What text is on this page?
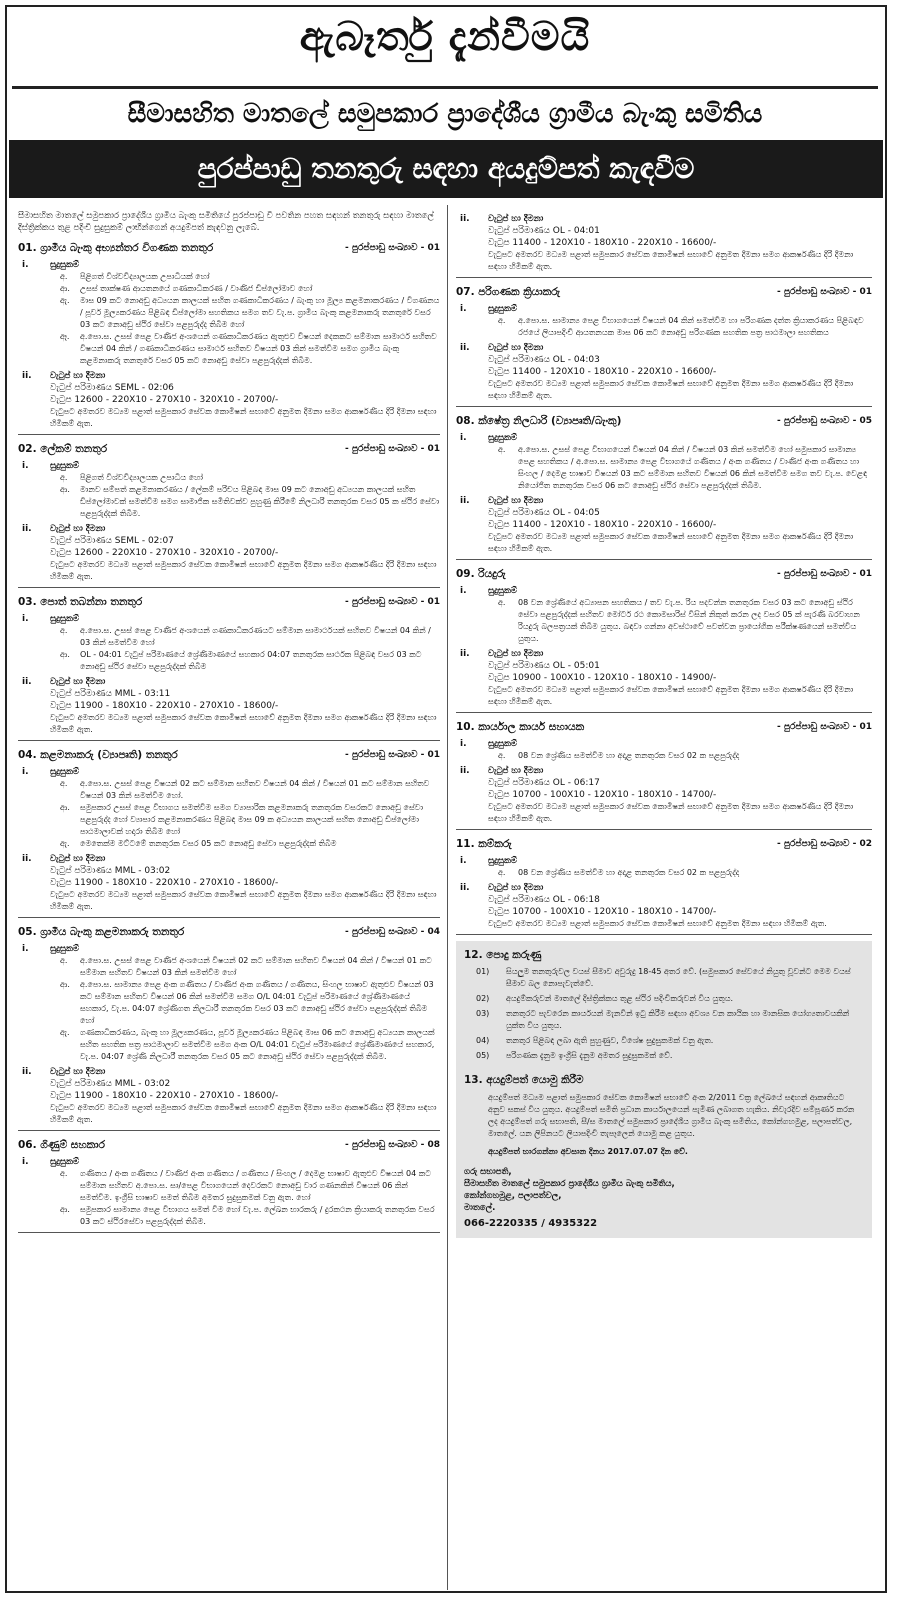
ඇබෑර්තු දැන්වීමයි
සීමාසහිත මාතලේ සමුපකාර ප්‍රාදේශීය ග්‍රාමීය බැංකු සමිතිය
පුරප්පාඩු තනතුරු සඳහා අයදුම්පත් කැඳවීම

සීමාසහිත මාතලේ සමුපකාර ප්‍රාදේශීය ග්‍රාමීය බැංකු සමිතියේ පුරප්පාඩු වී පවතින පහත සඳහන් තනතුරු සඳහා මාතලේ දිස්ත්‍රික්කය තුළ පදිංචි සුදුසුකම් ලාභීන්ගෙන් අයදුම්පත් කැඳවනු ලැබේ.

01. ග්‍රාමීය බැංකු අභ්‍යන්තර විගණක තනතුර	- පුරප්පාඩු සංඛ්‍යාව - 01
i.	සුදුසුකම්
අ.	පිළිගත් විශ්වවිද්‍යාලයක උපාධියක් හෝ
ආ.	උසස් තාක්ෂණ ආයතනයේ ගණකාධිකරණ / වාණිජ ඩිප්ලෝමාව හෝ
ඇ.	මාස 09 කට නොඅඩු අධ්‍යයන කාලයක් සහිත ගණකාධිකරණය / බැංකු හා මූල්‍ය කළමනාකරණය / විගණනය / පූර්ව මූල්‍යකරණය පිළිබඳ ඩිප්ලෝමා සහතිකය සමග තව වැ.ප. ග්‍රාමීය බැංකු කළමනාකරු තනතුරේ වසර 03 කට නොඅඩු ස්ථිර සේවා පළපුරුද්ද තිබීම හෝ
ඈ.	අ.පො.ස. උසස් පෙළ වාණිජ අංශයෙන් ගණකාධිකරණය ඇතුළුව විෂයන් දෙකකට සම්මාන සාමාර්ථ සහිතව විෂයන් 04 කින් / ගණකාධිකරණය සාමාර්ථ සහිතව විෂයන් 03 කින් සමත්වීම සමග ග්‍රාමීය බැංකු කළමනාකරු තනතුරේ වසර 05 කට නොඅඩු සේවා පළපුරුද්දක් තිබීම.
ii.	වැටුප් හා දීමනා
වැටුප් පරිමාණය SEML - 02:06
වැටුප 12600 - 220X10 - 270X10 - 320X10 - 20700/-
වැටුපට අමතරව මධ්‍යම පළාත් සමුපකාර සේවක කොමිෂන් සභාවේ අනුමත දීමනා සමග ආකර්ෂණීය දිරි දීමනා සඳහා හිමිකම් ඇත.
02. ලේකම් තනතුර	- පුරප්පාඩු සංඛ්‍යාව - 01
i.	සුදුසුකම්
අ.	පිළිගත් විශ්වවිද්‍යාලයක උපාධිය හෝ
ආ.	මානව සම්පත් කළමනාකරණය / ලේකම් පරිචය පිළිබඳ මාස 09 කට නොඅඩු අධ්‍යයන කාලයක් සහිත ඩිප්ලෝමාවක් සමත්වීම සමග සාමාජික සමිතිවක්ව පුහුණු කිරීමේ නිලධාරි තනතුරක වසර 05 ක ස්ථිර සේවා පළපුරුද්දක් තිබීම.
ii.	වැටුප් හා දීමනා
වැටුප් පරිමාණය SEML - 02:07
වැටුප 12600 - 220X10 - 270X10 - 320X10 - 20700/-
වැටුපට අමතරව මධ්‍යම පළාත් සමුපකාර සේවක කොමිෂන් සභාවේ අනුමත දීමනා සමග ආකර්ෂණීය දිරි දීමනා සඳහා හිමිකම් ඇත.
03. පොත් තබන්නා තනතුර	- පුරප්පාඩු සංඛ්‍යාව - 01
i.	සුදුසුකම්
අ.	අ.පො.ස. උසස් පෙළ වාණිජ අංශයෙන් ගණකාධිකරණයට සම්මාන සාමාර්ථයක් සහිතව විෂයන් 04 කින් / 03 කින් සමත්වීම හෝ
ආ.	OL - 04:01 වැටුප් පරිමාණයේ ශ්‍රේණිමාණයේ සහකාර 04:07 තනතුරක සාර්ථක පිළිබඳ වසර 03 කට නොඅඩු ස්ථිර සේවා පළපුරුද්දක් තිබීම
ii.	වැටුප් හා දීමනා
වැටුප් පරිමාණය MML - 03:11
වැටුප 11900 - 180X10 - 220X10 - 270X10 - 18600/-
වැටුපට අමතරව මධ්‍යම පළාත් සමුපකාර සේවක කොමිෂන් සභාවේ අනුමත දීමනා සමග ආකර්ෂණීය දිරි දීමනා සඳහා හිමිකම් ඇත.
04. කළමනාකරු (ව්‍යාපෘති) තනතුර	- පුරප්පාඩු සංඛ්‍යාව - 01
i.	සුදුසුකම්
අ.	අ.පො.ස. උසස් පෙළ විෂයන් 02 කට සම්මාන සහිතව විෂයන් 04 කින් / විෂයන් 01 කට සම්මාන සහිතව විෂයන් 03 කින් සමත්වීම හෝ.
ආ.	සමුපකාර උසස් පෙළ විභාගය සමත්වීම සමග ව්‍යාපාරික කළමනාකරු තනතුරක වසරකට නොඅඩු සේවා පළපුරුද්ද හෝ ව්‍යාපාර කළමනාකරණය පිළිබඳ මාස 09 ක අධ්‍යයන කාලයක් සහිත නොඅඩු ඩිප්ලෝමා පාඨමාලාවක් හදාරා තිබීම හෝ
ඇ.	මෙතෙක්ම මට්ටමේ තනතුරක වසර 05 කට නොඅඩු සේවා පළපුරුද්දක් තිබීම
ii.	වැටුප් හා දීමනා
වැටුප් පරිමාණය MML - 03:02
වැටුප 11900 - 180X10 - 220X10 - 270X10 - 18600/-
වැටුපට අමතරව මධ්‍යම පළාත් සමුපකාර සේවක කොමිෂන් සභාවේ අනුමත දීමනා සමග ආකර්ෂණීය දිරි දීමනා සඳහා හිමිකම් ඇත.
05. ග්‍රාමීය බැංකු කළමනාකරු තනතුර	- පුරප්පාඩු සංඛ්‍යාව - 04
i.	සුදුසුකම්
අ.	අ.පො.ස. උසස් පෙළ වාණිජ අංශයෙන් විෂයන් 02 කට සම්මාන සහිතව විෂයන් 04 කින් / විෂයන් 01 කට සම්මාන සහිතව විෂයන් 03 කින් සමත්වීම හෝ
ආ.	අ.පො.ස. සාමාන්‍ය පෙළ අංක ගණිතය / වාණිජ අංක ගණිතය / ගණිතය, සිංහල භාෂාව ඇතුළුව විෂයන් 03 කට සම්මාන සහිතව විෂයන් 06 කින් සමත්වීම සමග O/L 04:01 වැටුප් පරිමාණයේ ශ්‍රේණිමාණයේ සහකාර, වැ.ප. 04:07 ශ්‍රේණිගත නිලධාරී තනතුරක වසර 03 කට නොඅඩු ස්ථිර සේවා පළපුරුද්දක් තිබීම හෝ
ඇ.	ගණකාධිකරණය, බැංකු හා මූල්‍යකරණය, පූර්ව මූල්‍යකරණය පිළිබඳ මාස 06 කට නොඅඩු අධ්‍යයන කාලයක් සහිත සහතික පත්‍ර පාඨමාලාව සමත්වීම සමග අංක O/L 04:01 වැටුප් පරිමාණයේ ශ්‍රේණිමාණයේ සහකාර, වැ.ප. 04:07 ශ්‍රේණි නිලධාරී තනතුරක වසර 05 කට නොඅඩු ස්ථිර සේවා පළපුරුද්දක් තිබීම.
ii.	වැටුප් හා දීමනා
වැටුප් පරිමාණය MML - 03:02
වැටුප 11900 - 180X10 - 220X10 - 270X10 - 18600/-
වැටුපට අමතරව මධ්‍යම පළාත් සමුපකාර සේවක කොමිෂන් සභාවේ අනුමත දීමනා සමග ආකර්ෂණීය දිරි දීමනා සඳහා හිමිකම් ඇත.
06. ගිණුම් සහකාර	- පුරප්පාඩු සංඛ්‍යාව - 08
i.	සුදුසුකම්
අ.	ගණිතය / අංක ගණිතය / වාණිජ අංක ගණිතය / ගණිතය / සිංහල / දෙමළ භාෂාව ඇතුළුව විෂයන් 04 කට සම්මාන සහිතව අ.පො.ස. සා/පෙළ විභාගයෙන් දෙවරකට නොඅඩු වාර ගණනකින් විෂයන් 06 කින් සමත්වීම. ඉංග්‍රීසි භාෂාව සමත් තිබීම අමතර සුදුසුකමක් වනු ඇත. හෝ
ආ.	සමුපකාර සාමාන්‍ය පෙළ විභාගය සමත් වීම හෝ වැ.ප. ලේඛන භාරකරු / දුරකථන ක්‍රියාකරු තනතුරක වසර 03 කට ස්ථිරසේවා පළපුරුද්දක් තිබීම.
ii.	වැටුප් හා දීමනා
වැටුප් පරිමාණය OL - 04:01
වැටුප 11400 - 120X10 - 180X10 - 220X10 - 16600/-
වැටුපට අමතරව මධ්‍යම පළාත් සමුපකාර සේවක කොමිෂන් සභාවේ අනුමත දීමනා සමග ආකර්ෂණීය දිරි දීමනා සඳහා හිමිකම් ඇත.
07. පරිගණක ක්‍රියාකරු	- පුරප්පාඩු සංඛ්‍යාව - 01
i.	සුදුසුකම්
අ.	අ.පො.ස. සාමාන්‍ය පෙළ විභාගයෙන් විෂයන් 04 කින් සමත්වීම හා පරිගණක දත්ත ක්‍රියාකරණය පිළිබඳව රජයේ ලියාපදිංචි ආයතනයක මාස 06 කට නොඅඩු පරිගණක සහතික පත්‍ර පාඨමාලා සහතිකය
ii.	වැටුප් හා දීමනා
වැටුප් පරිමාණය OL - 04:03
වැටුප 11400 - 120X10 - 180X10 - 220X10 - 16600/-
වැටුපට අමතරව මධ්‍යම පළාත් සමුපකාර සේවක කොමිෂන් සභාවේ අනුමත දීමනා සමග ආකර්ෂණීය දිරි දීමනා සඳහා හිමිකම් ඇත.
08. ක්ෂේත්‍ර නිලධාරි (ව්‍යාපෘති/බැංකු)	- පුරප්පාඩු සංඛ්‍යාව - 05
i.	සුදුසුකම්
අ.	අ.පො.ස. උසස් පෙළ විභාගයෙන් විෂයන් 04 කින් / විෂයන් 03 කින් සමත්වීම හෝ සමුපකාර සාමාන්‍ය පෙළ සහතිකය / අ.පො.ස. සාමාන්‍ය පෙළ විභාගයේ ගණිතය / අංක ගණිතය / වාණිජ අංක ගණිතය හා සිංහල / දෙමළ භාෂාව විෂයන් 03 කට සම්මාන සහිතව විෂයන් 06 කින් සමත්වීම සමග තව වැ.ප. වෙළඳ නියෝජිත තනතුරක වසර 06 කට නොඅඩු ස්ථිර සේවා පළපුරුද්දක් තිබීම.
ii.	වැටුප් හා දීමනා
වැටුප් පරිමාණය OL - 04:05
වැටුප 11400 - 120X10 - 180X10 - 220X10 - 16600/-
වැටුපට අමතරව මධ්‍යම පළාත් සමුපකාර සේවක කොමිෂන් සභාවේ අනුමත දීමනා සමග ආකර්ෂණීය දිරි දීමනා සඳහා හිමිකම් ඇත.
09. රියදුරු	- පුරප්පාඩු සංඛ්‍යාව - 01
i.	සුදුසුකම්
අ.	08 වන ශ්‍රේණියේ අධ්‍යාපන සහතිකය / තව වැ.ප. රිය පදවන්න තනතුරක වසර 03 කට නොඅඩු ස්ථිර සේවා පළපුරුද්දක් සහිතව මෝටර් රථ කොමසාරිස් විසින් නිකුත් කරන ලද වසර 05 ක් පැරණි බරවාහන රියදුරු බලපත්‍රයක් තිබීම යුතුය. බඳවා ගන්නා අවස්ථාවේ පවත්වන ප්‍රායෝගික පරීක්ෂණයෙන් සමත්විය යුතුය.
ii.	වැටුප් හා දීමනා
වැටුප් පරිමාණය OL - 05:01
වැටුප 10900 - 100X10 - 120X10 - 180X10 - 14900/-
වැටුපට අමතරව මධ්‍යම පළාත් සමුපකාර සේවක කොමිෂන් සභාවේ අනුමත දීමනා සමග ආකර්ෂණීය දිරි දීමනා සඳහා හිමිකම් ඇත.
10. කාර්යාල කාර්ය සහායක	- පුරප්පාඩු සංඛ්‍යාව - 01
i.	සුදුසුකම්
අ.	08 වන ශ්‍රේණිය සමත්වීම හා අදාළ තනතුරක වසර 02 ක පළපුරුද්ද
ii.	වැටුප් හා දීමනා
වැටුප් පරිමාණය OL - 06:17
වැටුප 10700 - 100X10 - 120X10 - 180X10 - 14700/-
වැටුපට අමතරව මධ්‍යම පළාත් සමුපකාර සේවක කොමිෂන් සභාවේ අනුමත දීමනා සමග ආකර්ෂණීය දිරි දීමනා සඳහා හිමිකම් ඇත.
11. කම්කරු	- පුරප්පාඩු සංඛ්‍යාව - 02
i.	සුදුසුකම්
අ.	08 වන ශ්‍රේණිය සමත්වීම හා අදාළ තනතුරක වසර 02 ක පළපුරුද්ද
ii.	වැටුප් හා දීමනා
වැටුප් පරිමාණය OL - 06:18
වැටුප 10700 - 100X10 - 120X10 - 180X10 - 14700/-
වැටුපට අමතරව මධ්‍යම පළාත් සමුපකාර සේවක කොමිෂන් සභාවේ අනුමත දීමනා සඳහා හිමිකම් ඇත.
12. පොදු කරුණු
01)	සියලුම තනතුරුවල වයස් සීමාව අවුරුදු 18-45 අතර වේ. (සමුපකාර සේවයේ නියුතු වූවන්ට මෙම වයස් සීමාව බල නොපැවැත්වේ.
02)	අයදුම්කරුවන් මාතලේ දිස්ත්‍රික්කය තුළ ස්ථිර පදිංචිකරුවන් විය යුතුය.
03)	තනතුරට පැවරෙන කාර්යයන් මැනවින් ඉටු කිරීම සඳහා අවශ්‍ය වන කායික හා මානසික යෝග්‍යතාවයකින් යුක්ත විය යුතුය.
04)	තනතුර පිළිබඳ ලබා ඇති පුහුණුව, විශේෂ සුදුසුකමක් වනු ඇත.
05)	පරිගණක දැනුම ඉංග්‍රීසි දැනුම අමතර සුදුසුකමක් වේ.
13. අයදුම්පත් යොමු කිරීම
අයදුම්පත් මධ්‍යම පළාත් සමුපකාර සේවක කොමිෂන් සභාවේ අංක 2/2011 චක්‍ර ලේඛයේ සඳහන් ආකෘතියට අනුව සකස් විය යුතුය. අයදුම්පත් සමිති ප්‍රධාන කාර්යාලයෙන් පැමිණ ලබාගත හැකිය. නිවැරදිව සම්පූර්ණ කරන ලද අයදුම්පත් ගරු සභාපති, සී/ස මාතලේ සමුපකාර ප්‍රාදේශීය ග්‍රාමීය බැංකු සමිතිය, කෝන්ගහමුළ, පලාපත්වල, මාතලේ. යන ලිපිනයට ලියාපදිංචි තැපෑලෙන් යොමු කළ යුතුය.
අයදුම්පත් භාරගන්නා අවසාන දිනය 2017.07.07 දින වේ.
ගරු සභාපති,
සීමාසහිත මාතලේ සමුපකාර ප්‍රාදේශීය ග්‍රාමීය බැංකු සමිතිය,
කෝන්ගහමුළ, පලාපත්වල,
මාතලේ.
066-2220335 / 4935322
